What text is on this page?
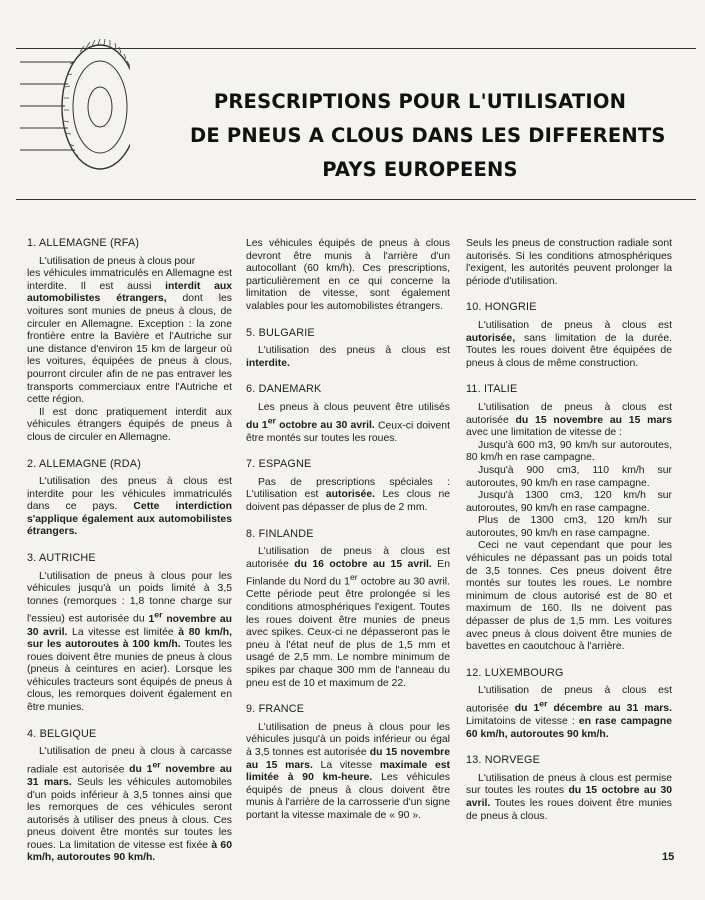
PRESCRIPTIONS POUR L'UTILISATION
DE PNEUS A CLOUS DANS LES DIFFERENTS
PAYS EUROPEENS
1. ALLEMAGNE (RFA)
L'utilisation de pneus à clous pour
les véhicules immatriculés en Allemagne est interdite. Il est aussi interdit aux automobilistes étrangers, dont les voitures sont munies de pneus à clous, de circuler en Allemagne. Exception : la zone frontière entre la Bavière et l'Autriche sur une distance d'environ 15 km de largeur où les voitures, équipées de pneus à clous, pourront circuler afin de ne pas entraver les transports commerciaux entre l'Autriche et cette région.
Il est donc pratiquement interdit aux véhicules étrangers équipés de pneus à clous de circuler en Allemagne.
2. ALLEMAGNE (RDA)
L'utilisation des pneus à clous est interdite pour les véhicules immatriculés dans ce pays. Cette interdiction s'applique également aux automobilistes étrangers.
3. AUTRICHE
L'utilisation de pneus à clous pour les véhicules jusqu'à un poids limité à 3,5 tonnes (remorques : 1,8 tonne charge sur l'essieu) est autorisée du 1er novembre au 30 avril. La vitesse est limitée à 80 km/h, sur les autoroutes à 100 km/h. Toutes les roues doivent être munies de pneus à clous (pneus à ceintures en acier). Lorsque les véhicules tracteurs sont équipés de pneus à clous, les remorques doivent également en être munies.
4. BELGIQUE
L'utilisation de pneu à clous à carcasse radiale est autorisée du 1er novembre au 31 mars. Seuls les véhicules automobiles d'un poids inférieur à 3,5 tonnes ainsi que les remorques de ces véhicules seront autorisés à utiliser des pneus à clous. Ces pneus doivent être montés sur toutes les roues. La limitation de vitesse est fixée à 60 km/h, autoroutes 90 km/h.
Les véhicules équipés de pneus à clous devront être munis à l'arrière d'un autocollant (60 km/h). Ces prescriptions, particulièrement en ce qui concerne la limitation de vitesse, sont également valables pour les automobilistes étrangers.
5. BULGARIE
L'utilisation des pneus à clous est interdite.
6. DANEMARK
Les pneus à clous peuvent être utilisés du 1er octobre au 30 avril. Ceux-ci doivent être montés sur toutes les roues.
7. ESPAGNE
Pas de prescriptions spéciales : L'utilisation est autorisée. Les clous ne doivent pas dépasser de plus de 2 mm.
8. FINLANDE
L'utilisation de pneus à clous est autorisée du 16 octobre au 15 avril. En Finlande du Nord du 1er octobre au 30 avril. Cette période peut être prolongée si les conditions atmosphériques l'exigent. Toutes les roues doivent être munies de pneus avec spikes. Ceux-ci ne dépasseront pas le pneu à l'état neuf de plus de 1,5 mm et usagé de 2,5 mm. Le nombre minimum de spikes par chaque 300 mm de l'anneau du pneu est de 10 et maximum de 22.
9. FRANCE
L'utilisation de pneus à clous pour les véhicules jusqu'à un poids inférieur ou égal à 3,5 tonnes est autorisée du 15 novembre au 15 mars. La vitesse maximale est limitée à 90 km-heure. Les véhicules équipés de pneus à clous doivent être munis à l'arrière de la carrosserie d'un signe portant la vitesse maximale de « 90 ».
Seuls les pneus de construction radiale sont autorisés. Si les conditions atmosphériques l'exigent, les autorités peuvent prolonger la période d'utilisation.
10. HONGRIE
L'utilisation de pneus à clous est autorisée, sans limitation de la durée. Toutes les roues doivent être équipées de pneus à clous de même construction.
11. ITALIE
L'utilisation de pneus à clous est autorisée du 15 novembre au 15 mars avec une limitation de vitesse de :
Jusqu'à 600 m3, 90 km/h sur autoroutes, 80 km/h en rase campagne.
Jusqu'à 900 cm3, 110 km/h sur autoroutes, 90 km/h en rase campagne.
Jusqu'à 1300 cm3, 120 km/h sur autoroutes, 90 km/h en rase campagne.
Plus de 1300 cm3, 120 km/h sur autoroutes, 90 km/h en rase campagne.
Ceci ne vaut cependant que pour les véhicules ne dépassant pas un poids total de 3,5 tonnes. Ces pneus doivent être montés sur toutes les roues. Le nombre minimum de clous autorisé est de 80 et maximum de 160. Ils ne doivent pas dépasser de plus de 1,5 mm. Les voitures avec pneus à clous doivent être munies de bavettes en caoutchouc à l'arrière.
12. LUXEMBOURG
L'utilisation de pneus à clous est autorisée du 1er décembre au 31 mars. Limitatoins de vitesse : en rase campagne 60 km/h, autoroutes 90 km/h.
13. NORVEGE
L'utilisation de pneus à clous est permise sur toutes les routes du 15 octobre au 30 avril. Toutes les roues doivent être munies de pneus à clous.
15
